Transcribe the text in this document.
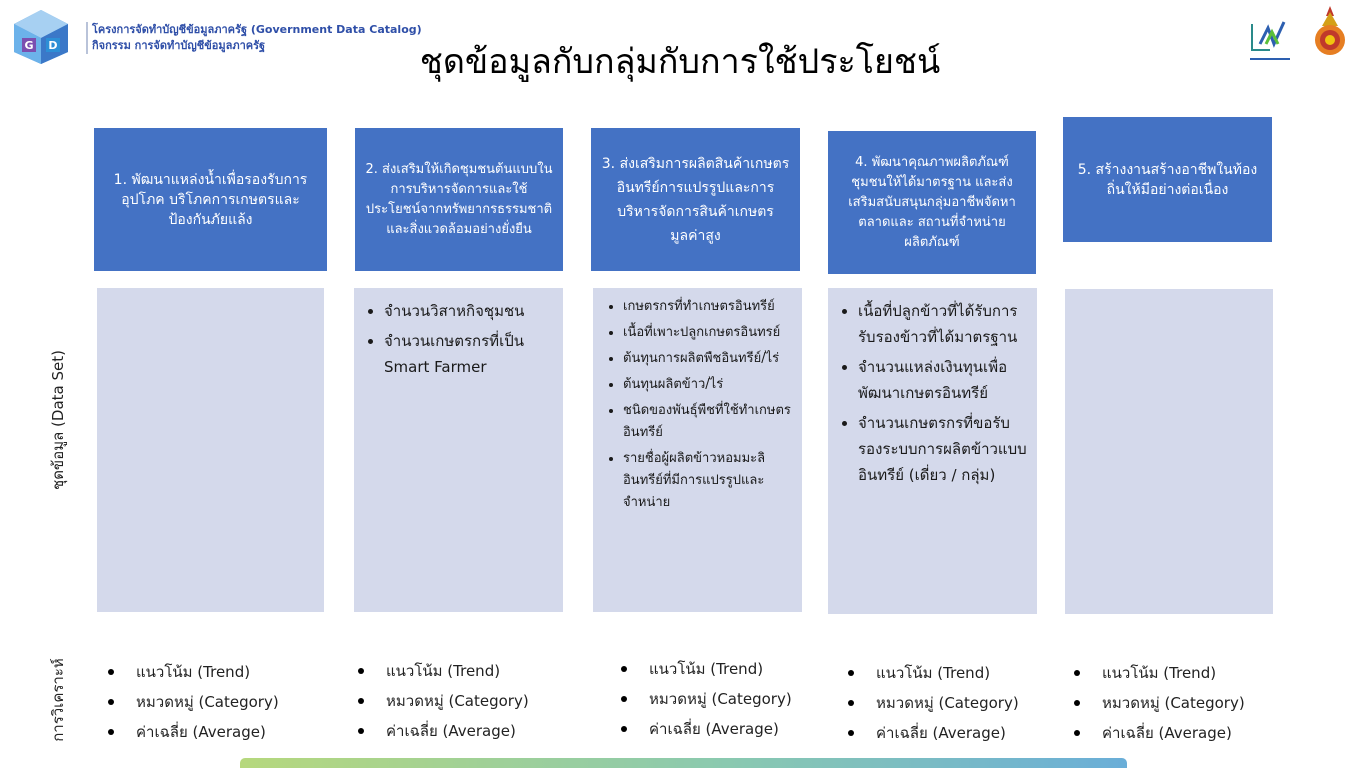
G D
โครงการจัดทำบัญชีข้อมูลภาครัฐ (Government Data Catalog)
กิจกรรม การจัดทำบัญชีข้อมูลภาครัฐ	ชุดข้อมูลกับกลุ่มกับการใช้ประโยชน์
1. พัฒนาแหล่งน้ำเพื่อรองรับการอุปโภค บริโภคการเกษตรและป้องกันภัยแล้ง
2. ส่งเสริมให้เกิดชุมชนต้นแบบในการบริหารจัดการและใช้ประโยชน์จากทรัพยากรธรรมชาติและสิ่งแวดล้อมอย่างยั่งยืน
3. ส่งเสริมการผลิตสินค้าเกษตรอินทรีย์การแปรรูปและการบริหารจัดการสินค้าเกษตรมูลค่าสูง
4. พัฒนาคุณภาพผลิตภัณฑ์ชุมชนให้ได้มาตรฐาน และส่งเสริมสนับสนุนกลุ่มอาชีพจัดหาตลาดและ สถานที่จำหน่ายผลิตภัณฑ์
5. สร้างงานสร้างอาชีพในท้องถิ่นให้มีอย่างต่อเนื่อง
ชุดข้อมูล (Data Set)
การวิเคราะห์
• จำนวนวิสาหกิจชุมชน
• จำนวนเกษตรกรที่เป็น Smart Farmer
• เกษตรกรที่ทำเกษตรอินทรีย์
• เนื้อที่เพาะปลูกเกษตรอินทรย์
• ต้นทุนการผลิตพืชอินทรีย์/ไร่
• ต้นทุนผลิตข้าว/ไร่
• ชนิดของพันธุ์พืชที่ใช้ทำเกษตรอินทรีย์
• รายชื่อผู้ผลิตข้าวหอมมะลิอินทรีย์ที่มีการแปรรูปและจำหน่าย
• เนื้อที่ปลูกข้าวที่ได้รับการรับรองข้าวที่ได้มาตรฐาน
• จำนวนแหล่งเงินทุนเพื่อพัฒนาเกษตรอินทรีย์
• จำนวนเกษตรกรที่ขอรับรองระบบการผลิตข้าวแบบอินทรีย์ (เดี่ยว / กลุ่ม)
แนวโน้ม (Trend)
หมวดหมู่ (Category)
ค่าเฉลี่ย (Average)
แนวโน้ม (Trend)
หมวดหมู่ (Category)
ค่าเฉลี่ย (Average)
แนวโน้ม (Trend)
หมวดหมู่ (Category)
ค่าเฉลี่ย (Average)
แนวโน้ม (Trend)
หมวดหมู่ (Category)
ค่าเฉลี่ย (Average)
แนวโน้ม (Trend)
หมวดหมู่ (Category)
ค่าเฉลี่ย (Average)
